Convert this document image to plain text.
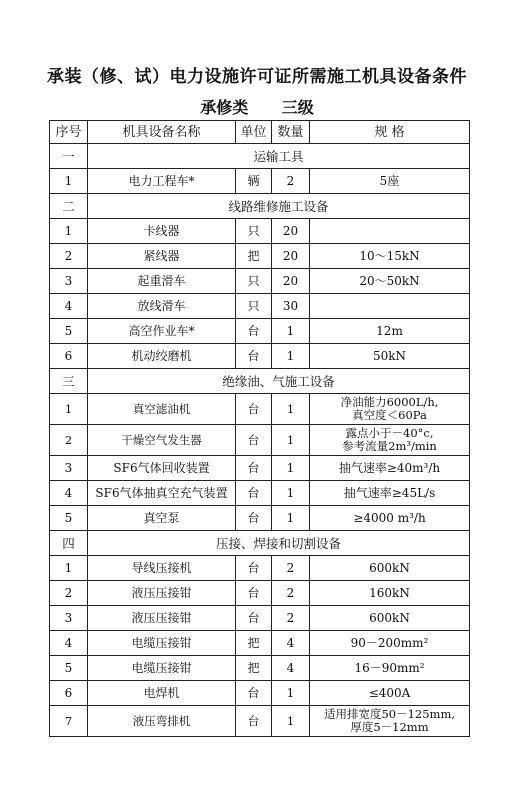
承装（修、试）电力设施许可证所需施工机具设备条件
承修类 三级
序号	机具设备名称	单位	数量	规 格
一	运输工具			
1	电力工程车*	辆	2	5座

二	线路维修施工设备			
1	卡线器	只	20	

2	紧线器	把	20	10～15kN

3	起重滑车	只	20	20～50kN

4	放线滑车	只	30	

5	高空作业车*	台	1	12m

6	机动绞磨机	台	1	50kN

三	绝缘油、气施工设备			
1	真空滤油机	台	1	净油能力6000L/h,
真空度＜60Pa

2	干燥空气发生器	台	1	露点小于－40°c,
参考流量2m³/min

3	SF6气体回收装置	台	1	抽气速率≥40m³/h

4	SF6气体抽真空充气装置	台	1	抽气速率≥45L/s

5	真空泵	台	1	≥4000 m³/h

四	压接、焊接和切割设备			
1	导线压接机	台	2	600kN

2	液压压接钳	台	2	160kN

3	液压压接钳	台	2	600kN

4	电缆压接钳	把	4	90－200mm²

5	电缆压接钳	把	4	16－90mm²

6	电焊机	台	1	≤400A

7	液压弯排机	台	1	适用排宽度50－125mm,
厚度5－12mm
